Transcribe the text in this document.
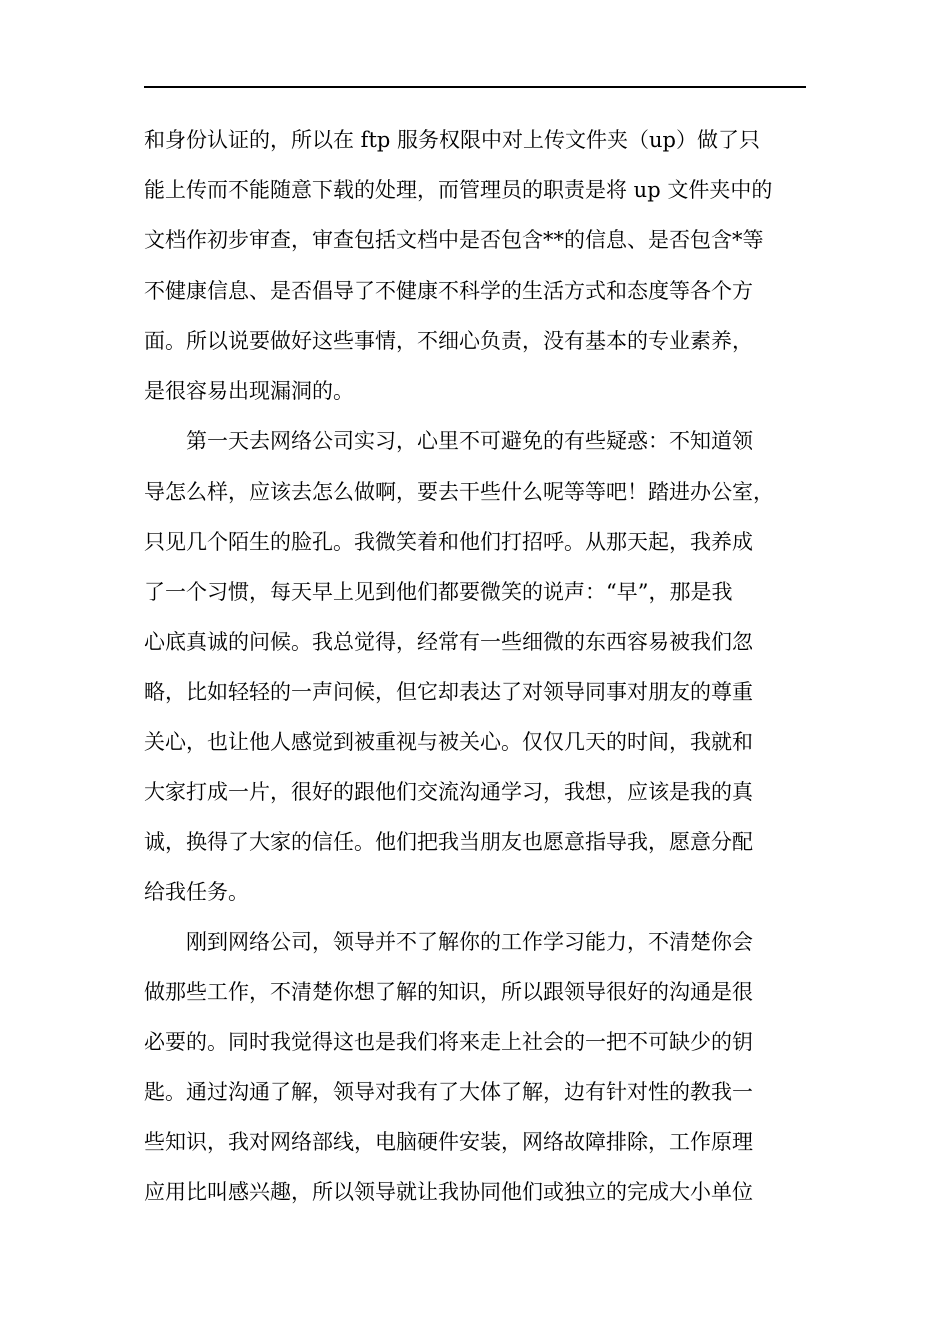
和身份认证的，所以在 ftp 服务权限中对上传文件夹（up）做了只
能上传而不能随意下载的处理，而管理员的职责是将 up 文件夹中的
文档作初步审查，审查包括文档中是否包含**的信息、是否包含*等
不健康信息、是否倡导了不健康不科学的生活方式和态度等各个方
面。所以说要做好这些事情，不细心负责，没有基本的专业素养，
是很容易出现漏洞的。
第一天去网络公司实习，心里不可避免的有些疑惑：不知道领
导怎么样，应该去怎么做啊，要去干些什么呢等等吧！踏进办公室，
只见几个陌生的脸孔。我微笑着和他们打招呼。从那天起，我养成
了一个习惯，每天早上见到他们都要微笑的说声：“早”，那是我
心底真诚的问候。我总觉得，经常有一些细微的东西容易被我们忽
略，比如轻轻的一声问候，但它却表达了对领导同事对朋友的尊重
关心，也让他人感觉到被重视与被关心。仅仅几天的时间，我就和
大家打成一片，很好的跟他们交流沟通学习，我想，应该是我的真
诚，换得了大家的信任。他们把我当朋友也愿意指导我，愿意分配
给我任务。
刚到网络公司，领导并不了解你的工作学习能力，不清楚你会
做那些工作，不清楚你想了解的知识，所以跟领导很好的沟通是很
必要的。同时我觉得这也是我们将来走上社会的一把不可缺少的钥
匙。通过沟通了解，领导对我有了大体了解，边有针对性的教我一
些知识，我对网络部线，电脑硬件安装，网络故障排除，工作原理
应用比叫感兴趣，所以领导就让我协同他们或独立的完成大小单位
